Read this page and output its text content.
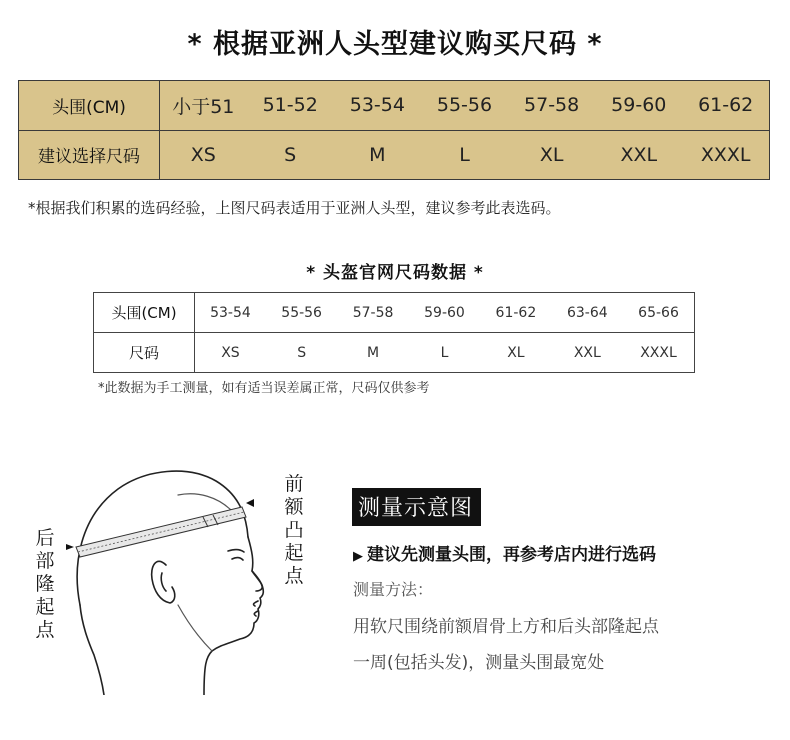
* 根据亚洲人头型建议购买尺码 *
头围(CM)	小于51	51-52	53-54	55-56	57-58	59-60	61-62
建议选择尺码	XS	S	M	L	XL	XXL	XXXL
*根据我们积累的选码经验，上图尺码表适用于亚洲人头型，建议参考此表选码。
* 头盔官网尺码数据 *
头围(CM)	53-54	55-56	57-58	59-60	61-62	63-64	65-66
尺码	XS	S	M	L	XL	XXL	XXXL
*此数据为手工测量，如有适当误差属正常，尺码仅供参考
后部隆起点
前额凸起点
测量示意图
▶ 建议先测量头围，再参考店内进行选码
测量方法：
用软尺围绕前额眉骨上方和后头部隆起点
一周(包括头发)，测量头围最宽处
